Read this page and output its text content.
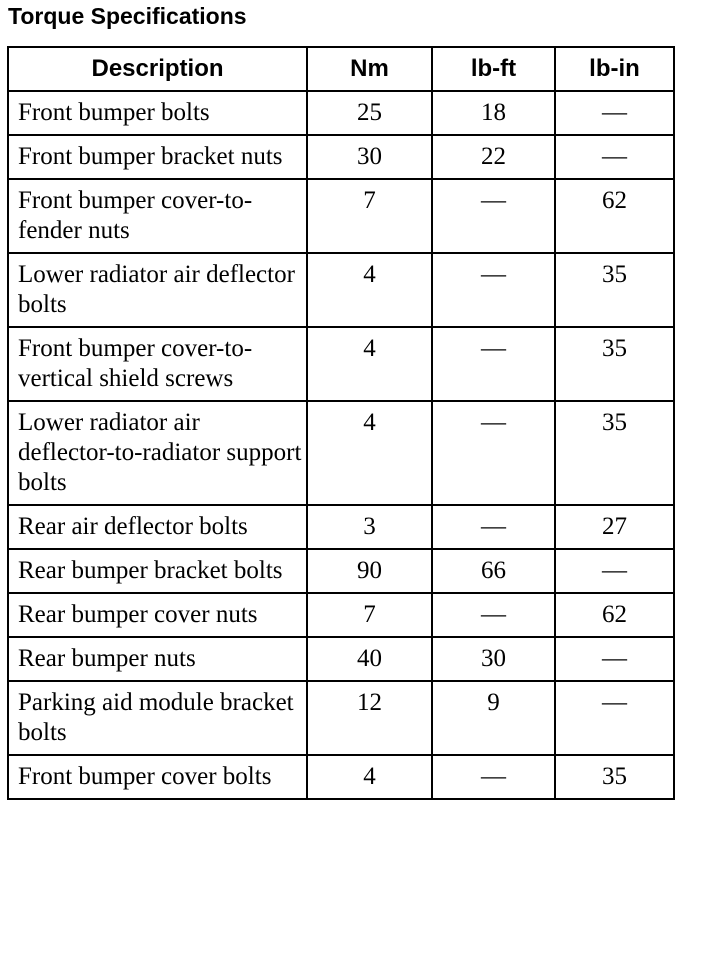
Torque Specifications
Description	Nm	lb-ft	lb-in
Front bumper bolts	25	18	—
Front bumper bracket nuts	30	22	—
Front bumper cover-to-fender nuts	7	—	62
Lower radiator air deflector bolts	4	—	35
Front bumper cover-to-vertical shield screws	4	—	35
Lower radiator air deflector-to-radiator support bolts	4	—	35
Rear air deflector bolts	3	—	27
Rear bumper bracket bolts	90	66	—
Rear bumper cover nuts	7	—	62
Rear bumper nuts	40	30	—
Parking aid module bracket bolts	12	9	—
Front bumper cover bolts	4	—	35
